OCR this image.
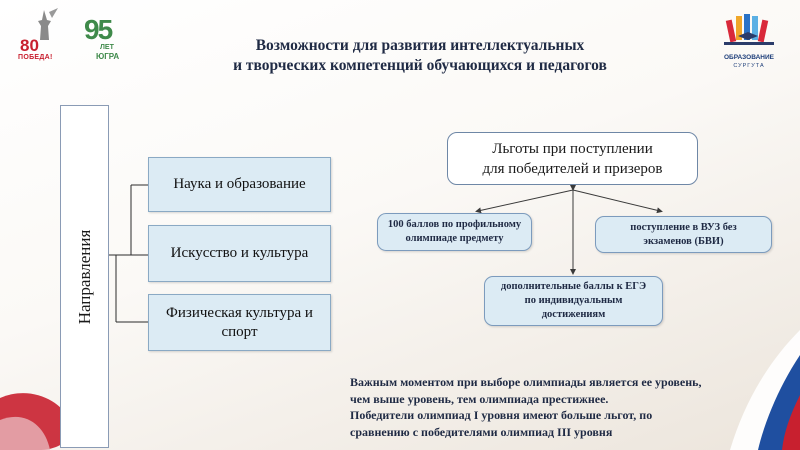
80
ПОБЕДА!
95
ЛЕТ
ЮГРА	ОБРАЗОВАНИЕ
СУРГУТА
Возможности для развития интеллектуальных
и творческих компетенций обучающихся и педагогов
Направления
Наука и образование
Искусство и культура
Физическая культура и спорт
Льготы при поступлении
для победителей и призеров
100 баллов по профильному
олимпиаде предмету
поступление в ВУЗ без
экзаменов (БВИ)
дополнительные баллы к ЕГЭ
по индивидуальным
достижениям
Важным моментом при выборе олимпиады является ее уровень,
чем выше уровень, тем олимпиада престижнее.
Победители олимпиад I уровня имеют больше льгот, по
сравнению с победителями олимпиад III уровня
